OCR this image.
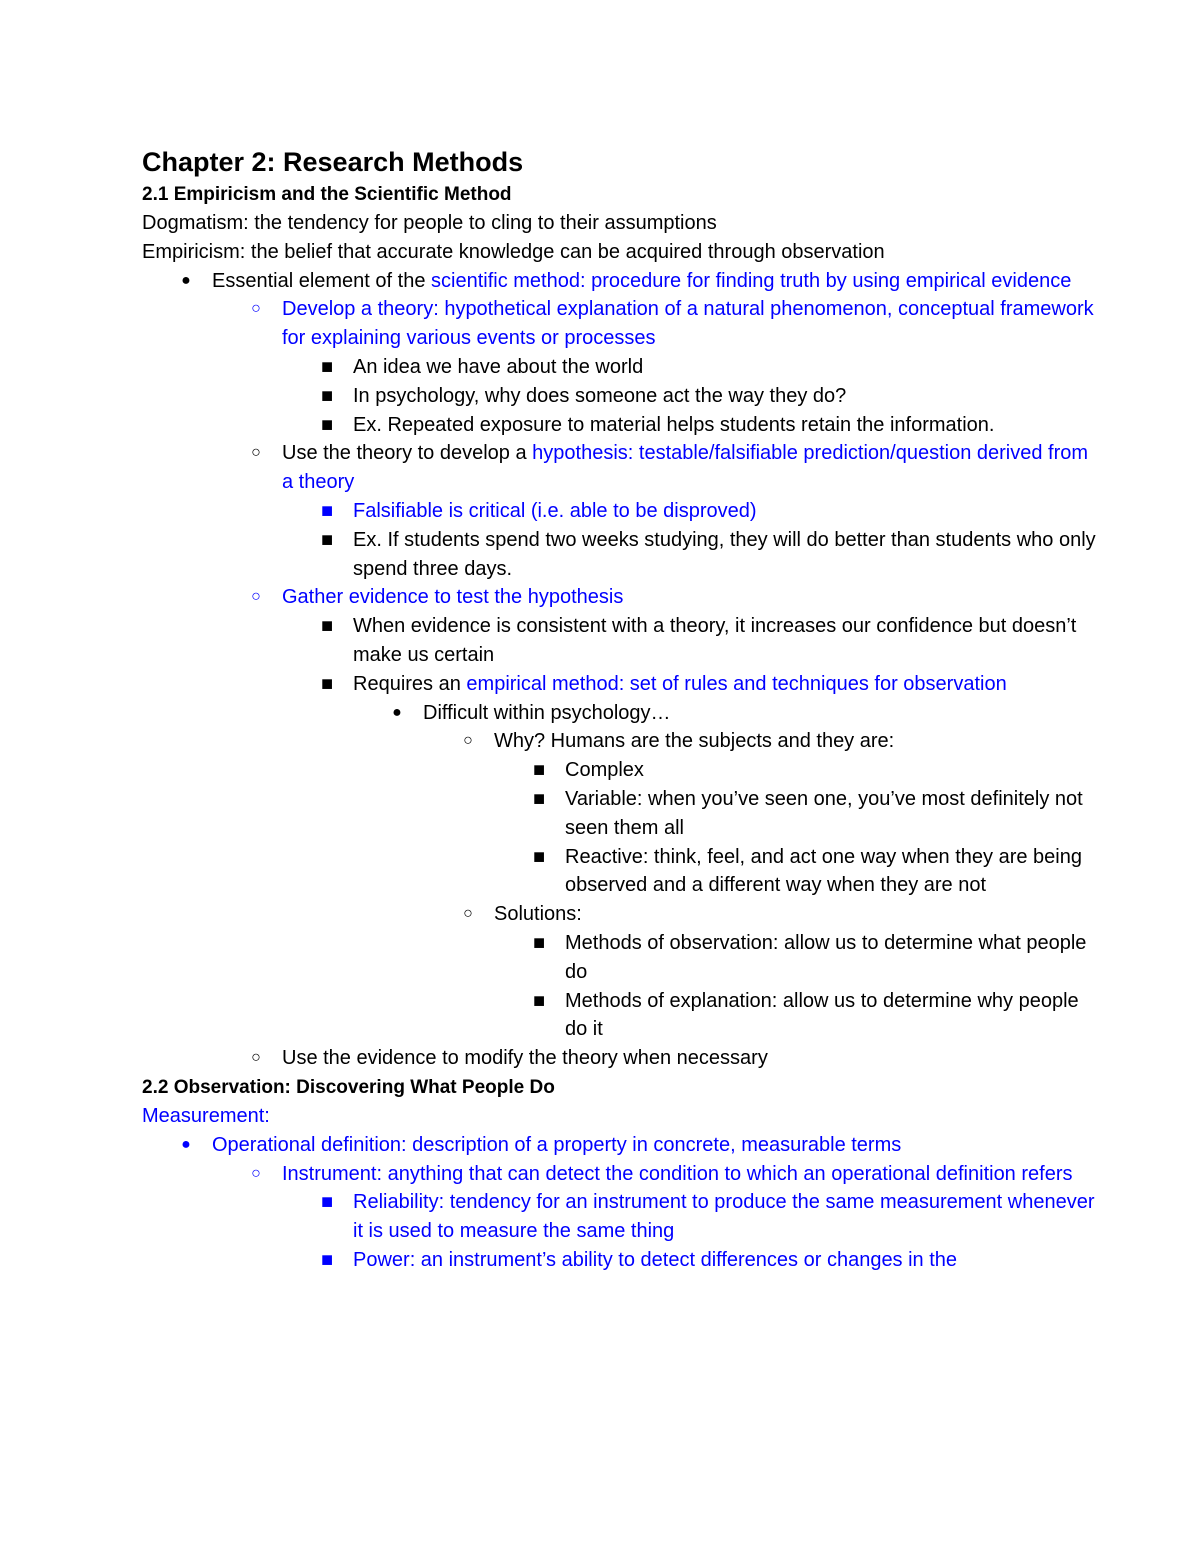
Chapter 2: Research Methods
2.1 Empiricism and the Scientific Method
Dogmatism: the tendency for people to cling to their assumptions
Empiricism: the belief that accurate knowledge can be acquired through observation
●
Essential element of the scientific method: procedure for finding truth by using empirical evidence
○
Develop a theory: hypothetical explanation of a natural phenomenon, conceptual framework for explaining various events or processes
■
An idea we have about the world
■
In psychology, why does someone act the way they do?
■
Ex. Repeated exposure to material helps students retain the information.
○
Use the theory to develop a hypothesis: testable/falsifiable prediction/question derived from a theory
■
Falsifiable is critical (i.e. able to be disproved)
■
Ex. If students spend two weeks studying, they will do better than students who only spend three days.
○
Gather evidence to test the hypothesis
■
When evidence is consistent with a theory, it increases our confidence but doesn’t make us certain
■
Requires an empirical method: set of rules and techniques for observation
●
Difficult within psychology…
○
Why? Humans are the subjects and they are:
■
Complex
■
Variable: when you’ve seen one, you’ve most definitely not seen them all
■
Reactive: think, feel, and act one way when they are being observed and a different way when they are not
○
Solutions:
■
Methods of observation: allow us to determine what people do
■
Methods of explanation: allow us to determine why people do it
○
Use the evidence to modify the theory when necessary
2.2 Observation: Discovering What People Do
Measurement:
●
Operational definition: description of a property in concrete, measurable terms
○
Instrument: anything that can detect the condition to which an operational definition refers
■
Reliability: tendency for an instrument to produce the same measurement whenever it is used to measure the same thing
■
Power: an instrument’s ability to detect differences or changes in the
